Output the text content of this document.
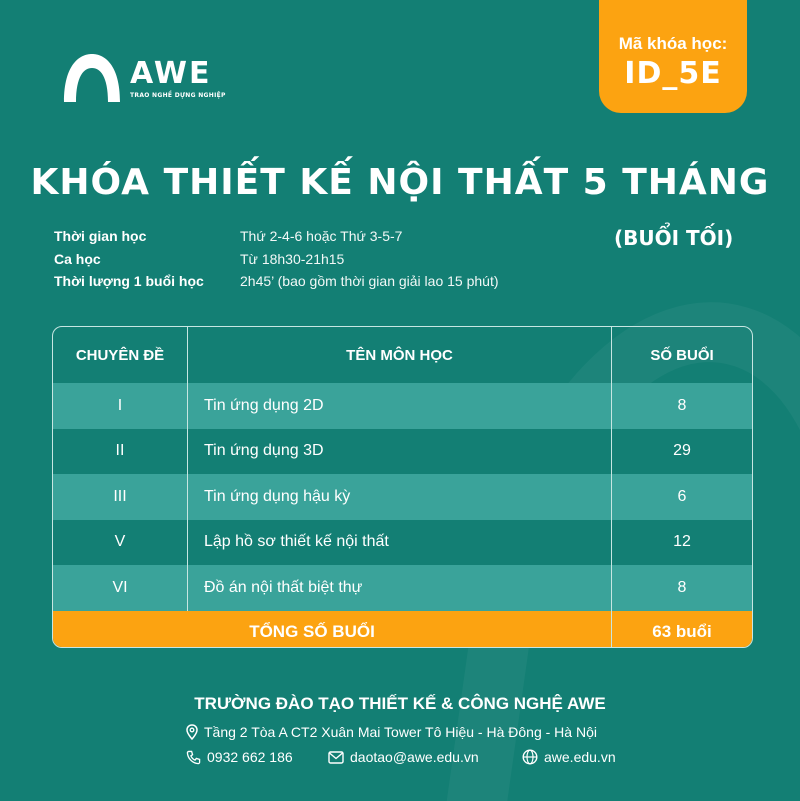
AWE
TRAO NGHỀ DỰNG NGHIỆP
Mã khóa học:
ID_5E
KHÓA THIẾT KẾ NỘI THẤT 5 THÁNG
(BUỔI TỐI)
Thời gian học	Thứ 2-4-6 hoặc Thứ 3-5-7
Ca học	Từ 18h30-21h15
Thời lượng 1 buổi học	2h45’ (bao gồm thời gian giải lao 15 phút)
CHUYÊN ĐỀ	TÊN MÔN HỌC	SỐ BUỔI
I	Tin ứng dụng 2D	8
II	Tin ứng dụng 3D	29
III	Tin ứng dụng hậu kỳ	6
V	Lập hồ sơ thiết kế nội thất	12
VI	Đồ án nội thất biệt thự	8
TỔNG SỐ BUỔI	63 buổi
TRƯỜNG ĐÀO TẠO THIẾT KẾ & CÔNG NGHỆ AWE
Tầng 2 Tòa A CT2 Xuân Mai Tower Tô Hiệu - Hà Đông - Hà Nội
0932 662 186	daotao@awe.edu.vn	awe.edu.vn
